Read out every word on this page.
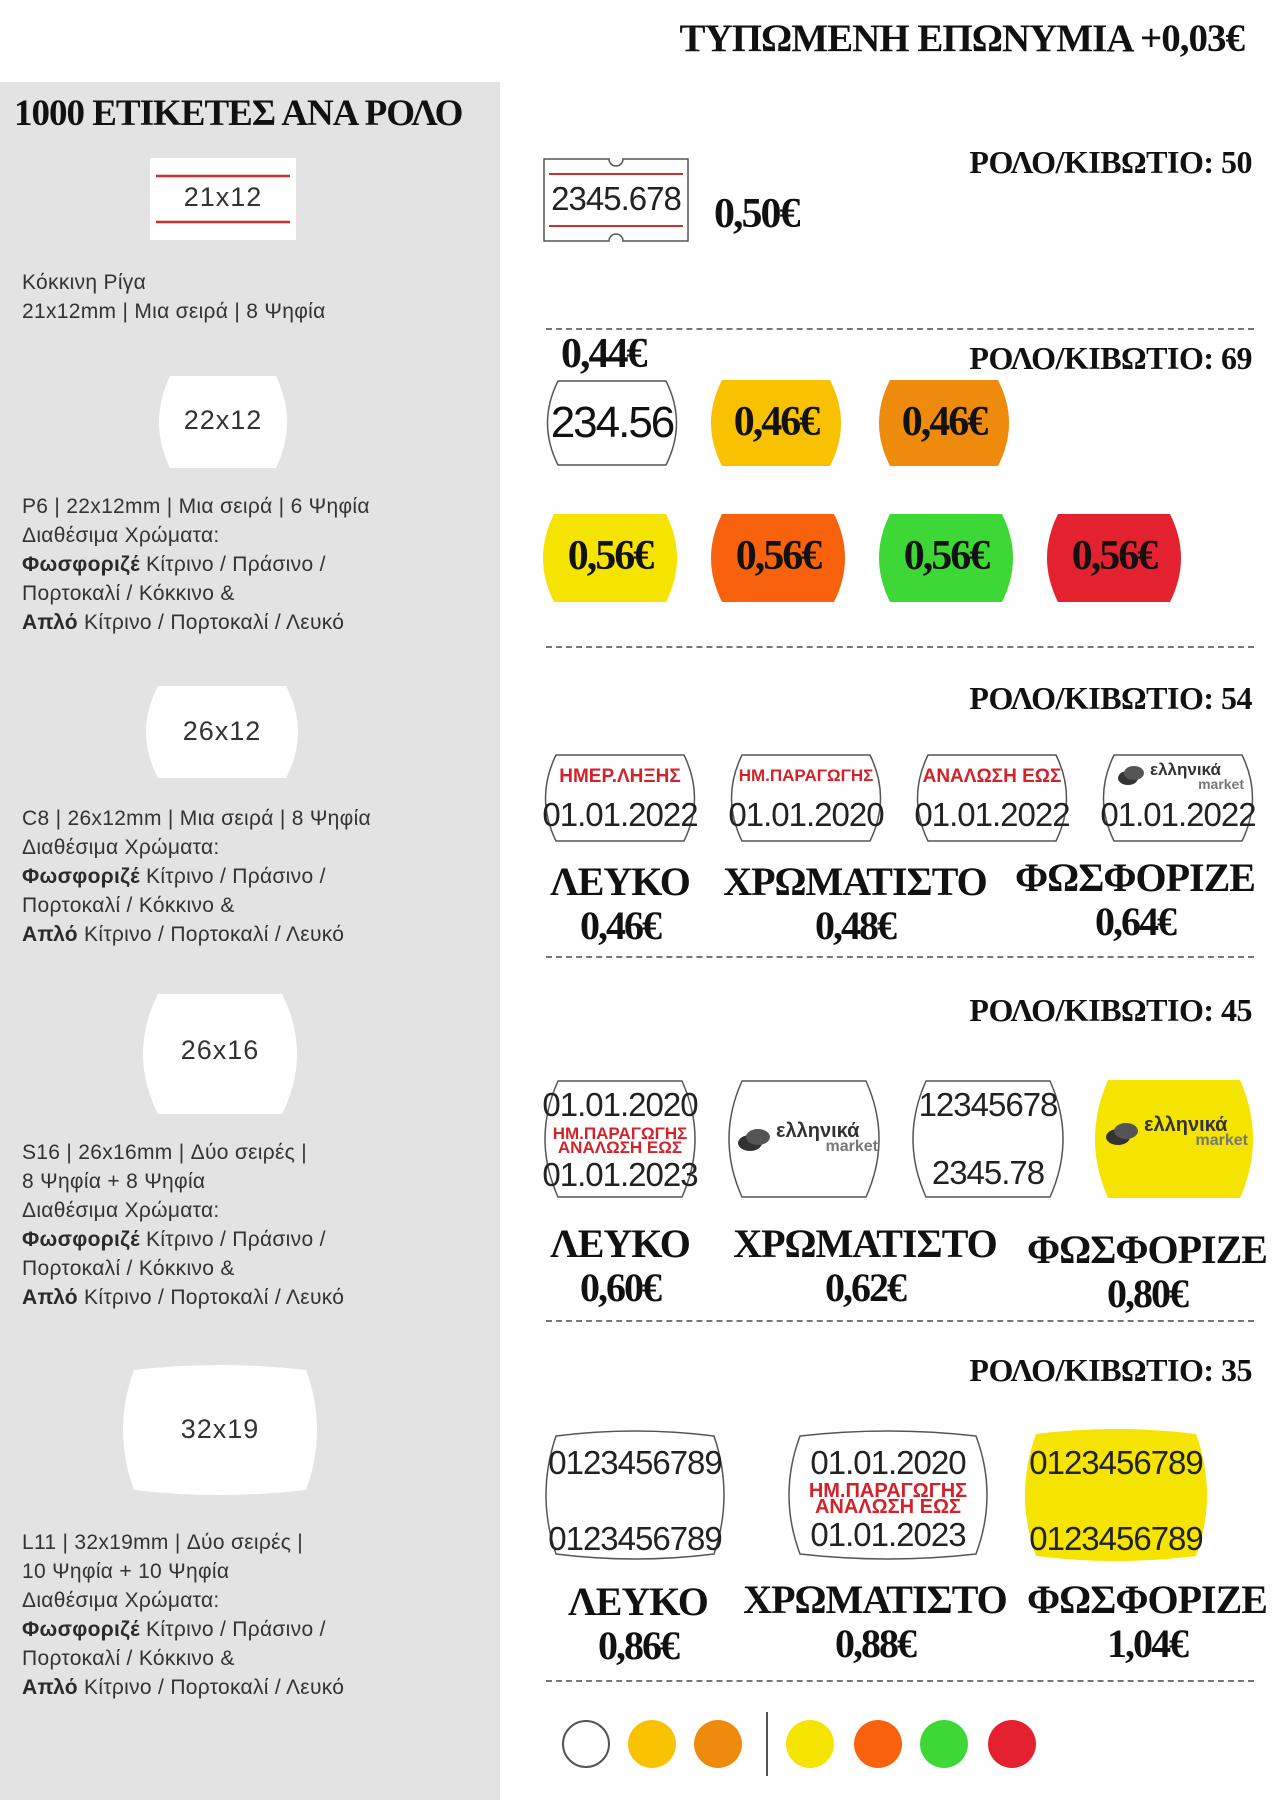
ΤΥΠΩΜΕΝΗ ΕΠΩΝΥΜΙΑ +0,03€
1000 ΕΤΙΚΕΤΕΣ ΑΝΑ ΡΟΛΟ
21x12
22x12
26x12
26x16
32x19
Κόκκινη Ρίγα
21x12mm | Μια σειρά | 8 Ψηφία
P6 | 22x12mm | Μια σειρά | 6 Ψηφία
Διαθέσιμα Χρώματα:
Φωσφοριζέ Κίτρινο / Πράσινο /
Πορτοκαλί / Κόκκινο &
Απλό Κίτρινο / Πορτοκαλί / Λευκό
C8 | 26x12mm | Μια σειρά | 8 Ψηφία
Διαθέσιμα Χρώματα:
Φωσφοριζέ Κίτρινο / Πράσινο /
Πορτοκαλί / Κόκκινο &
Απλό Κίτρινο / Πορτοκαλί / Λευκό
S16 | 26x16mm | Δύο σειρές |
8 Ψηφία + 8 Ψηφία
Διαθέσιμα Χρώματα:
Φωσφοριζέ Κίτρινο / Πράσινο /
Πορτοκαλί / Κόκκινο &
Απλό Κίτρινο / Πορτοκαλί / Λευκό
L11 | 32x19mm | Δύο σειρές |
10 Ψηφία + 10 Ψηφία
Διαθέσιμα Χρώματα:
Φωσφοριζέ Κίτρινο / Πράσινο /
Πορτοκαλί / Κόκκινο &
Απλό Κίτρινο / Πορτοκαλί / Λευκό
ΡΟΛΟ/ΚΙΒΩΤΙΟ: 50
2345.678 0,50€
0,44€	ΡΟΛΟ/ΚΙΒΩΤΙΟ: 69
234.56	0,46€	0,46€
0,56€	0,56€	0,56€	0,56€
ΡΟΛΟ/ΚΙΒΩΤΙΟ: 54
ΗΜΕΡ.ΛΗΞΗΣ
01.01.2022
ΗΜ.ΠΑΡΑΓΩΓΗΣ
01.01.2020
ΑΝΑΛΩΣΗ ΕΩΣ
01.01.2022
ελληνικά
market
01.01.2022
ΛΕΥΚΟ
0,46€
ΧΡΩΜΑΤΙΣΤΟ
0,48€
ΦΩΣΦΟΡΙΖΕ
0,64€
ΡΟΛΟ/ΚΙΒΩΤΙΟ: 45
01.01.2020
ΗΜ.ΠΑΡΑΓΩΓΗΣ
ΑΝΑΛΩΣΗ ΕΩΣ
01.01.2023
ελληνικά
market
12345678
2345.78
ελληνικά
market
ΛΕΥΚΟ
0,60€
ΧΡΩΜΑΤΙΣΤΟ
0,62€
ΦΩΣΦΟΡΙΖΕ
0,80€
ΡΟΛΟ/ΚΙΒΩΤΙΟ: 35
0123456789
0123456789
01.01.2020
ΗΜ.ΠΑΡΑΓΩΓΗΣ
ΑΝΑΛΩΣΗ ΕΩΣ
01.01.2023
0123456789
0123456789
ΛΕΥΚΟ
0,86€
ΧΡΩΜΑΤΙΣΤΟ
0,88€
ΦΩΣΦΟΡΙΖΕ
1,04€
